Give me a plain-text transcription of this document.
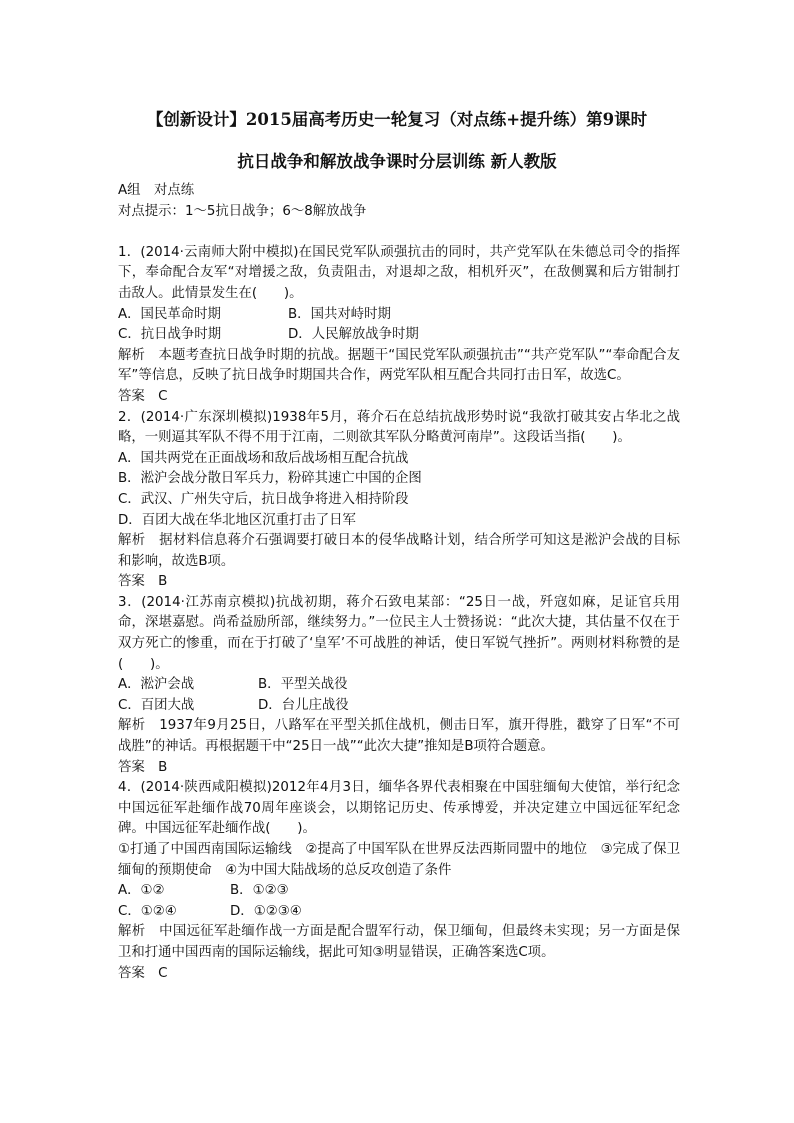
【创新设计】2015届高考历史一轮复习（对点练+提升练）第9课时
抗日战争和解放战争课时分层训练 新人教版

A组　对点练

对点提示：1～5抗日战争；6～8解放战争

1．(2014·云南师大附中模拟)在国民党军队顽强抗击的同时，共产党军队在朱德总司令的指挥下，奉命配合友军“对增援之敌，负责阻击，对退却之敌，相机歼灭”，在敌侧翼和后方钳制打击敌人。此情景发生在(　　)。

A．国民革命时期	B．国共对峙时期
C．抗日战争时期	D．人民解放战争时期

解析　本题考查抗日战争时期的抗战。据题干“国民党军队顽强抗击”“共产党军队”“奉命配合友军”等信息，反映了抗日战争时期国共合作，两党军队相互配合共同打击日军，故选C。

答案　C

2．(2014·广东深圳模拟)1938年5月，蒋介石在总结抗战形势时说“我欲打破其安占华北之战略，一则逼其军队不得不用于江南，二则欲其军队分略黄河南岸”。这段话当指(　　)。

A．国共两党在正面战场和敌后战场相互配合抗战

B．淞沪会战分散日军兵力，粉碎其速亡中国的企图

C．武汉、广州失守后，抗日战争将进入相持阶段

D．百团大战在华北地区沉重打击了日军

解析　据材料信息蒋介石强调要打破日本的侵华战略计划，结合所学可知这是淞沪会战的目标和影响，故选B项。

答案　B

3．(2014·江苏南京模拟)抗战初期，蒋介石致电某部：“25日一战，歼寇如麻，足证官兵用命，深堪嘉慰。尚希益励所部，继续努力。”一位民主人士赞扬说：“此次大捷，其估量不仅在于双方死亡的惨重，而在于打破了‘皇军’不可战胜的神话，使日军锐气挫折”。两则材料称赞的是(　　)。

A．淞沪会战	B．平型关战役
C．百团大战	D．台儿庄战役

解析　1937年9月25日，八路军在平型关抓住战机，侧击日军，旗开得胜，戳穿了日军“不可战胜”的神话。再根据题干中“25日一战”“此次大捷”推知是B项符合题意。

答案　B

4．(2014·陕西咸阳模拟)2012年4月3日，缅华各界代表相聚在中国驻缅甸大使馆，举行纪念中国远征军赴缅作战70周年座谈会，以期铭记历史、传承博爱，并决定建立中国远征军纪念碑。中国远征军赴缅作战(　　)。

①打通了中国西南国际运输线　②提高了中国军队在世界反法西斯同盟中的地位　③完成了保卫缅甸的预期使命　④为中国大陆战场的总反攻创造了条件

A．①②	B．①②③
C．①②④	D．①②③④

解析　中国远征军赴缅作战一方面是配合盟军行动，保卫缅甸，但最终未实现；另一方面是保卫和打通中国西南的国际运输线，据此可知③明显错误，正确答案选C项。

答案　C
